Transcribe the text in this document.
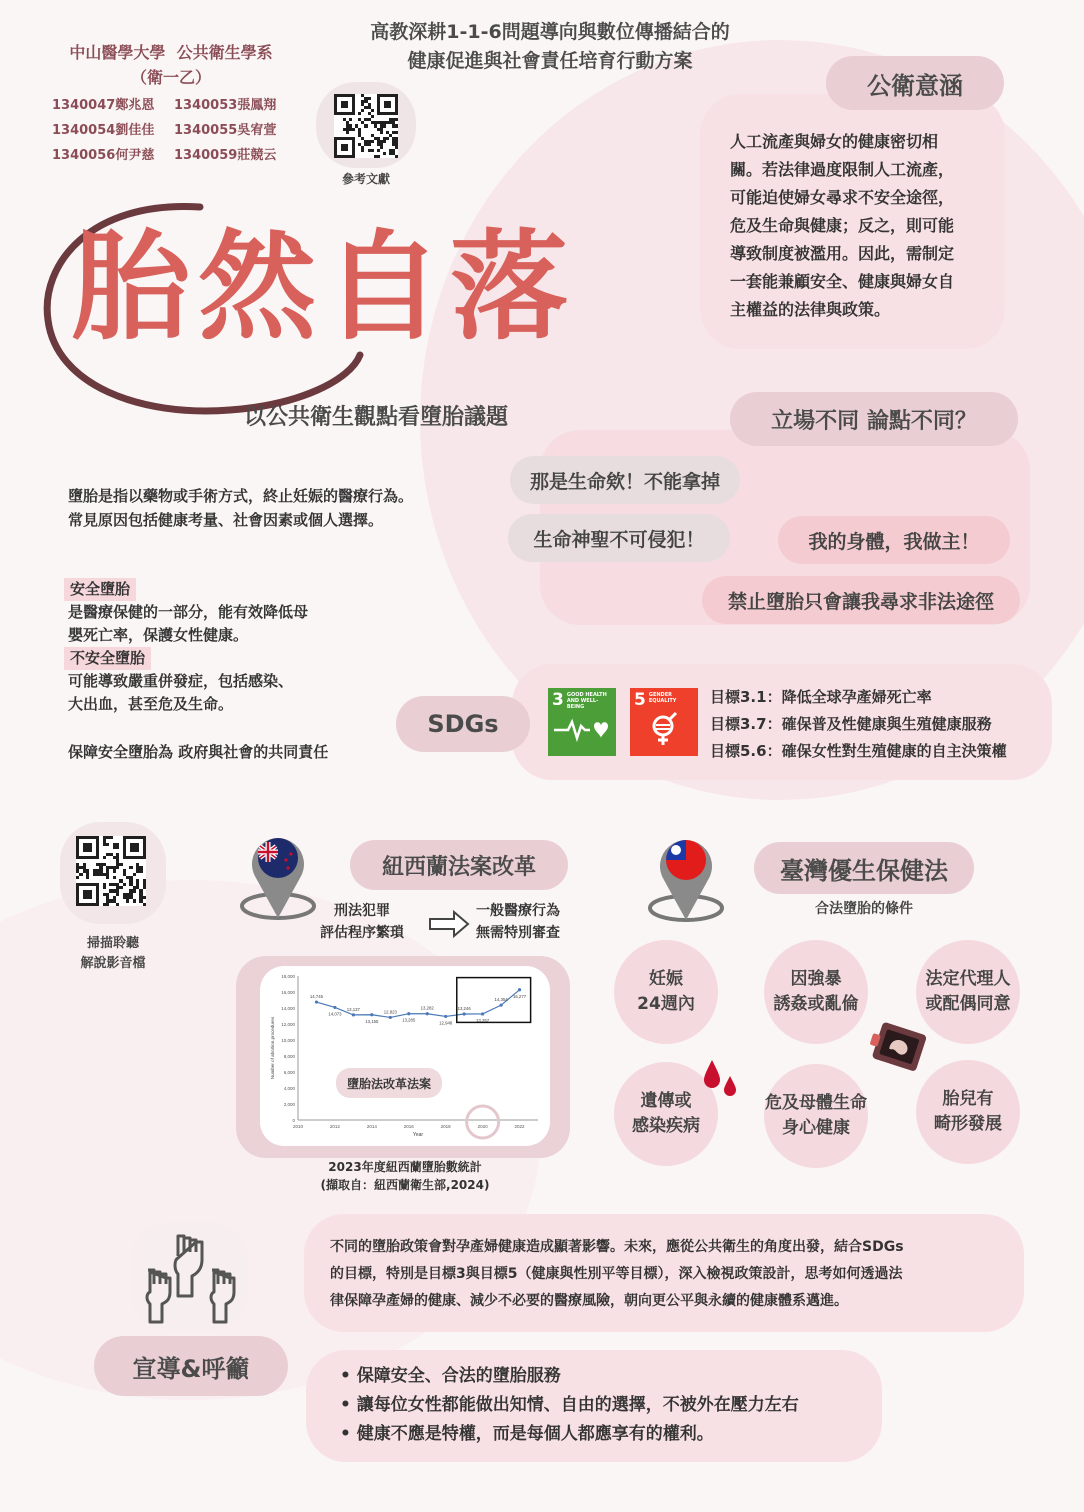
高教深耕1-1-6問題導向與數位傳播結合的
健康促進與社會責任培育行動方案
中山醫學大學  公共衛生學系
（衛一乙）
1340047鄭兆恩	1340053張鳳翔
1340054劉佳佳	1340055吳宥萱
1340056何尹慈	1340059莊競云
參考文獻
胎然自落
以公共衛生觀點看墮胎議題
公衛意涵
人工流產與婦女的健康密切相
關。若法律過度限制人工流產，
可能迫使婦女尋求不安全途徑，
危及生命與健康；反之，則可能
導致制度被濫用。因此，需制定
一套能兼顧安全、健康與婦女自
主權益的法律與政策。
立場不同 論點不同？
那是生命欸！不能拿掉
生命神聖不可侵犯！	我的身體，我做主！
禁止墮胎只會讓我尋求非法途徑
墮胎是指以藥物或手術方式，終止妊娠的醫療行為。
常見原因包括健康考量、社會因素或個人選擇。
安全墮胎
是醫療保健的一部分，能有效降低母
嬰死亡率，保護女性健康。
不安全墮胎
可能導致嚴重併發症，包括感染、
大出血，甚至危及生命。
保障安全墮胎為 政府與社會的共同責任
SDGs
3 GOOD HEALTH AND WELL-BEING	5 GENDER EQUALITY	目標3.1：降低全球孕產婦死亡率
目標3.7：確保普及性健康與生殖健康服務
目標5.6：確保女性對生殖健康的自主決策權
掃描聆聽
解說影音檔
紐西蘭法案改革
刑法犯罪
評估程序繁瑣
一般醫療行為
無需特別審查
0
2,000
4,000
6,000
8,000
10,000
12,000
14,000
16,000
18,000
2010	2012	2014	2016	2018	2020	2022
Year
Number of abortion procedures
14,745
14,073
13,137
13,155
12,823
13,285
13,282
12,948
13,246
13,257
14,354
16,277
墮胎法改革法案
2023年度紐西蘭墮胎數統計
(擷取自：紐西蘭衛生部,2024)
臺灣優生保健法
合法墮胎的條件
妊娠
24週內
因強暴
誘姦或亂倫
法定代理人
或配偶同意
遺傳或
感染疾病
危及母體生命
身心健康
胎兒有
畸形發展
不同的墮胎政策會對孕產婦健康造成顯著影響。未來，應從公共衛生的角度出發，結合SDGs
的目標，特別是目標3與目標5（健康與性別平等目標），深入檢視政策設計，思考如何透過法
律保障孕產婦的健康、減少不必要的醫療風險，朝向更公平與永續的健康體系邁進。
宣導&呼籲	• 保障安全、合法的墮胎服務
• 讓每位女性都能做出知情、自由的選擇，不被外在壓力左右
• 健康不應是特權，而是每個人都應享有的權利。
